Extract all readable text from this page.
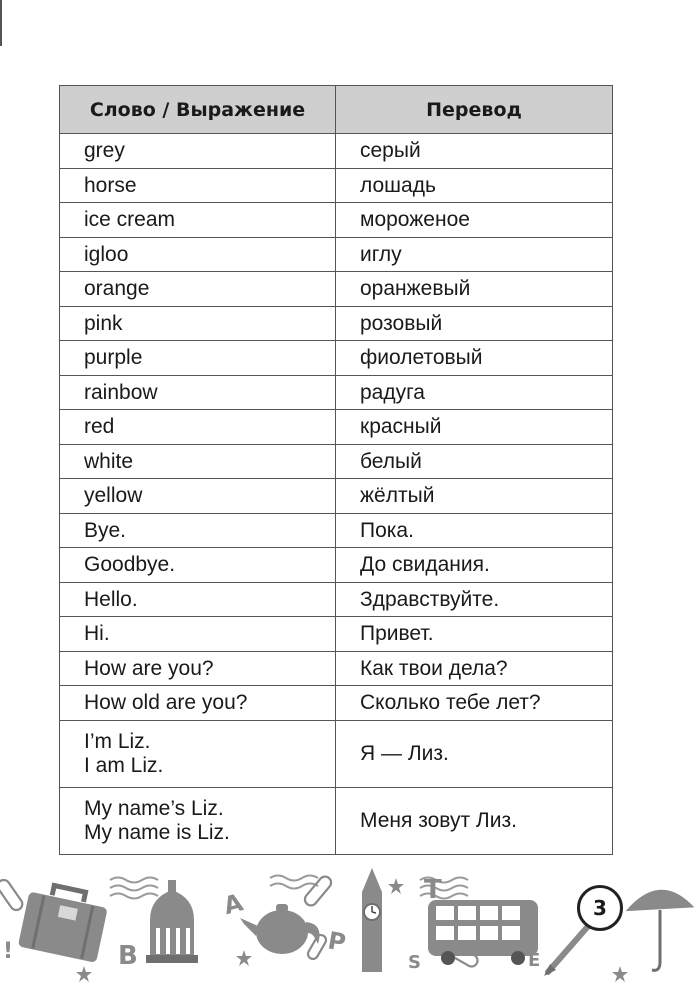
Слово / Выражение	Перевод
grey	серый
horse	лошадь
ice cream	мороженое
igloo	иглу
orange	оранжевый
pink	розовый
purple	фиолетовый
rainbow	радуга
red	красный
white	белый
yellow	жёлтый
Bye.	Пока.
Goodbye.	До свидания.
Hello.	Здравствуйте.
Hi.	Привет.
How are you?	Как твои дела?
How old are you?	Сколько тебе лет?

I’m Liz.
I am Liz.	Я — Лиз.

My name’s Liz.
My name is Liz.	Меня зовут Лиз.
B
A
P
S
T
E
!
3
